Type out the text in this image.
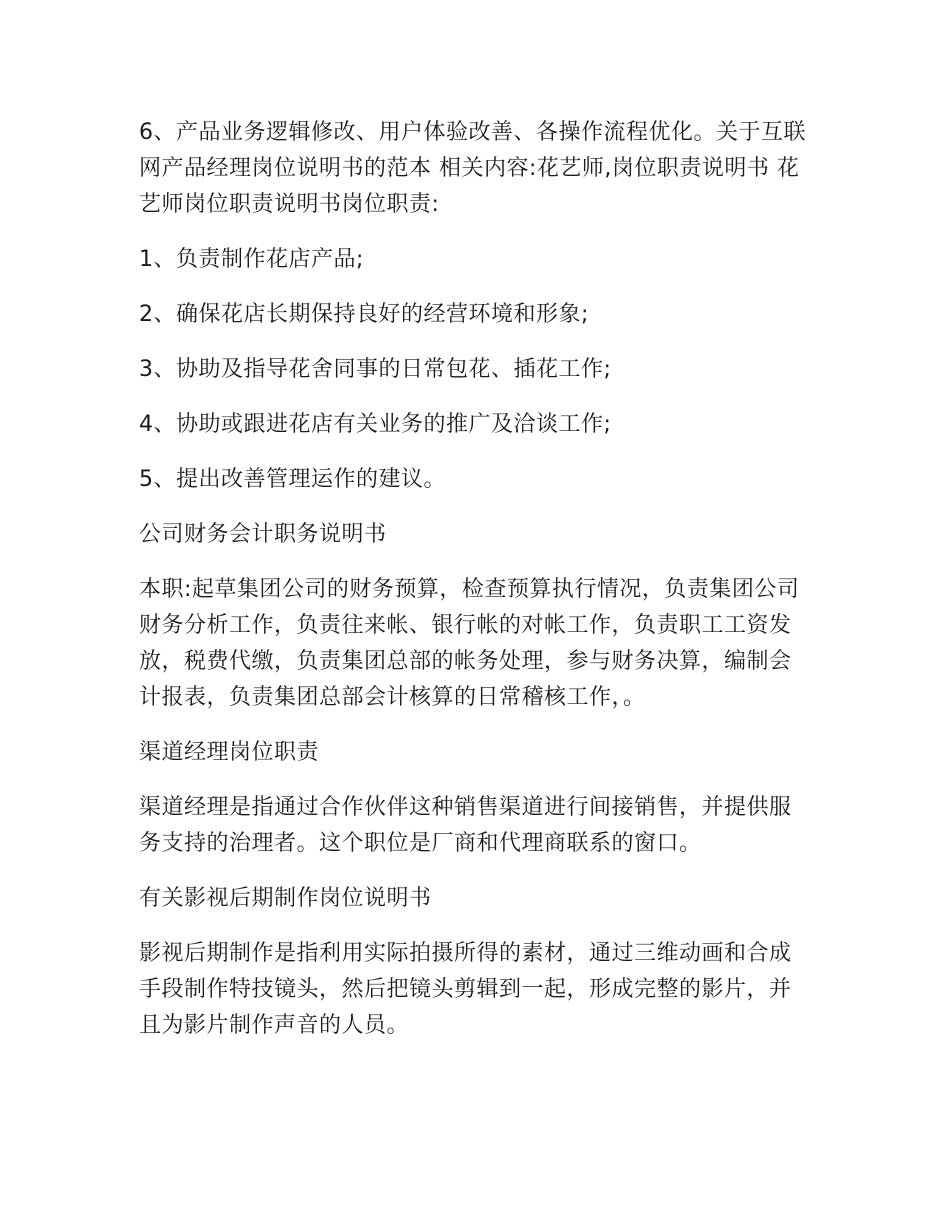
6、产品业务逻辑修改、用户体验改善、各操作流程优化。关于互联网产品经理岗位说明书的范本 相关内容:花艺师,岗位职责说明书 花艺师岗位职责说明书岗位职责:

1、负责制作花店产品;

2、确保花店长期保持良好的经营环境和形象;

3、协助及指导花舍同事的日常包花、插花工作;

4、协助或跟进花店有关业务的推广及洽谈工作;

5、提出改善管理运作的建议。

公司财务会计职务说明书

本职:起草集团公司的财务预算，检查预算执行情况，负责集团公司财务分析工作，负责往来帐、银行帐的对帐工作，负责职工工资发放，税费代缴，负责集团总部的帐务处理，参与财务决算，编制会计报表，负责集团总部会计核算的日常稽核工作，。

渠道经理岗位职责

渠道经理是指通过合作伙伴这种销售渠道进行间接销售，并提供服务支持的治理者。这个职位是厂商和代理商联系的窗口。

有关影视后期制作岗位说明书

影视后期制作是指利用实际拍摄所得的素材，通过三维动画和合成手段制作特技镜头，然后把镜头剪辑到一起，形成完整的影片，并且为影片制作声音的人员。
